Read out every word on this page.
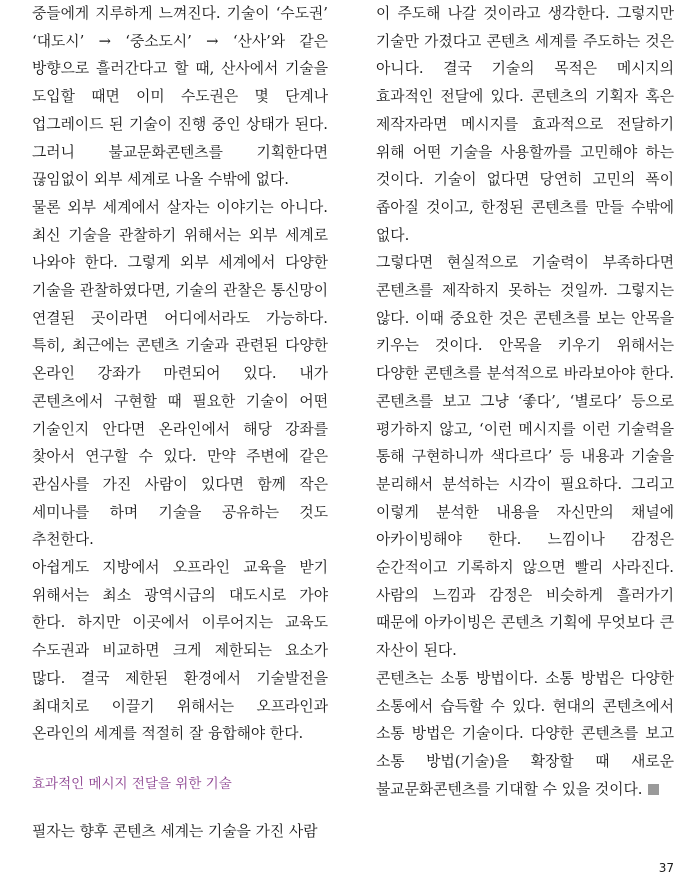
중들에게 지루하게 느껴진다. 기술이 ‘수도권’ ‘대도시’ → ‘중소도시’ → ‘산사’와 같은 방향으로 흘러간다고 할 때, 산사에서 기술을 도입할 때면 이미 수도권은 몇 단계나 업그레이드 된 기술이 진행 중인 상태가 된다. 그러니 불교문화콘텐츠를 기획한다면 끊임없이 외부 세계로 나올 수밖에 없다.

물론 외부 세계에서 살자는 이야기는 아니다. 최신 기술을 관찰하기 위해서는 외부 세계로 나와야 한다. 그렇게 외부 세계에서 다양한 기술을 관찰하였다면, 기술의 관찰은 통신망이 연결된 곳이라면 어디에서라도 가능하다. 특히, 최근에는 콘텐츠 기술과 관련된 다양한 온라인 강좌가 마련되어 있다. 내가 콘텐츠에서 구현할 때 필요한 기술이 어떤 기술인지 안다면 온라인에서 해당 강좌를 찾아서 연구할 수 있다. 만약 주변에 같은 관심사를 가진 사람이 있다면 함께 작은 세미나를 하며 기술을 공유하는 것도 추천한다.

아쉽게도 지방에서 오프라인 교육을 받기 위해서는 최소 광역시급의 대도시로 가야 한다. 하지만 이곳에서 이루어지는 교육도 수도권과 비교하면 크게 제한되는 요소가 많다. 결국 제한된 환경에서 기술발전을 최대치로 이끌기 위해서는 오프라인과 온라인의 세계를 적절히 잘 융합해야 한다.

효과적인 메시지 전달을 위한 기술

필자는 향후 콘텐츠 세계는 기술을 가진 사람

이 주도해 나갈 것이라고 생각한다. 그렇지만 기술만 가졌다고 콘텐츠 세계를 주도하는 것은 아니다. 결국 기술의 목적은 메시지의 효과적인 전달에 있다. 콘텐츠의 기획자 혹은 제작자라면 메시지를 효과적으로 전달하기 위해 어떤 기술을 사용할까를 고민해야 하는 것이다. 기술이 없다면 당연히 고민의 폭이 좁아질 것이고, 한정된 콘텐츠를 만들 수밖에 없다.

그렇다면 현실적으로 기술력이 부족하다면 콘텐츠를 제작하지 못하는 것일까. 그렇지는 않다. 이때 중요한 것은 콘텐츠를 보는 안목을 키우는 것이다. 안목을 키우기 위해서는 다양한 콘텐츠를 분석적으로 바라보아야 한다. 콘텐츠를 보고 그냥 ‘좋다’, ‘별로다’ 등으로 평가하지 않고, ‘이런 메시지를 이런 기술력을 통해 구현하니까 색다르다’ 등 내용과 기술을 분리해서 분석하는 시각이 필요하다. 그리고 이렇게 분석한 내용을 자신만의 채널에 아카이빙해야 한다. 느낌이나 감정은 순간적이고 기록하지 않으면 빨리 사라진다. 사람의 느낌과 감정은 비슷하게 흘러가기 때문에 아카이빙은 콘텐츠 기획에 무엇보다 큰 자산이 된다.

콘텐츠는 소통 방법이다. 소통 방법은 다양한 소통에서 습득할 수 있다. 현대의 콘텐츠에서 소통 방법은 기술이다. 다양한 콘텐츠를 보고 소통 방법(기술)을 확장할 때 새로운 불교문화콘텐츠를 기대할 수 있을 것이다.

37
